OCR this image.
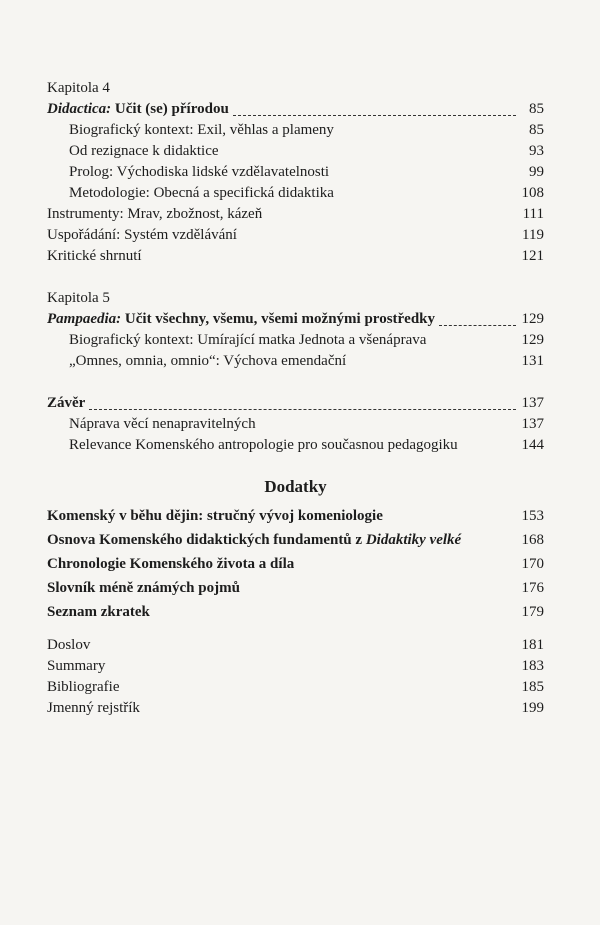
Kapitola 4
Didactica: Učit (se) přírodou	85
Biografický kontext: Exil, věhlas a plameny	85
Od rezignace k didaktice	93
Prolog: Východiska lidské vzdělavatelnosti	99
Metodologie: Obecná a specifická didaktika	108
Instrumenty: Mrav, zbožnost, kázeň	111
Uspořádání: Systém vzdělávání	119
Kritické shrnutí	121
Kapitola 5
Pampaedia: Učit všechny, všemu, všemi možnými prostředky	129
Biografický kontext: Umírající matka Jednota a všenáprava	129
„Omnes, omnia, omnio“: Výchova emendační	131
Závěr	137
Náprava věcí nenapravitelných	137
Relevance Komenského antropologie pro současnou pedagogiku	144
Dodatky
Komenský v běhu dějin: stručný vývoj komeniologie	153
Osnova Komenského didaktických fundamentů z Didaktiky velké	168
Chronologie Komenského života a díla	170
Slovník méně známých pojmů	176
Seznam zkratek	179
Doslov	181
Summary	183
Bibliografie	185
Jmenný rejstřík	199
